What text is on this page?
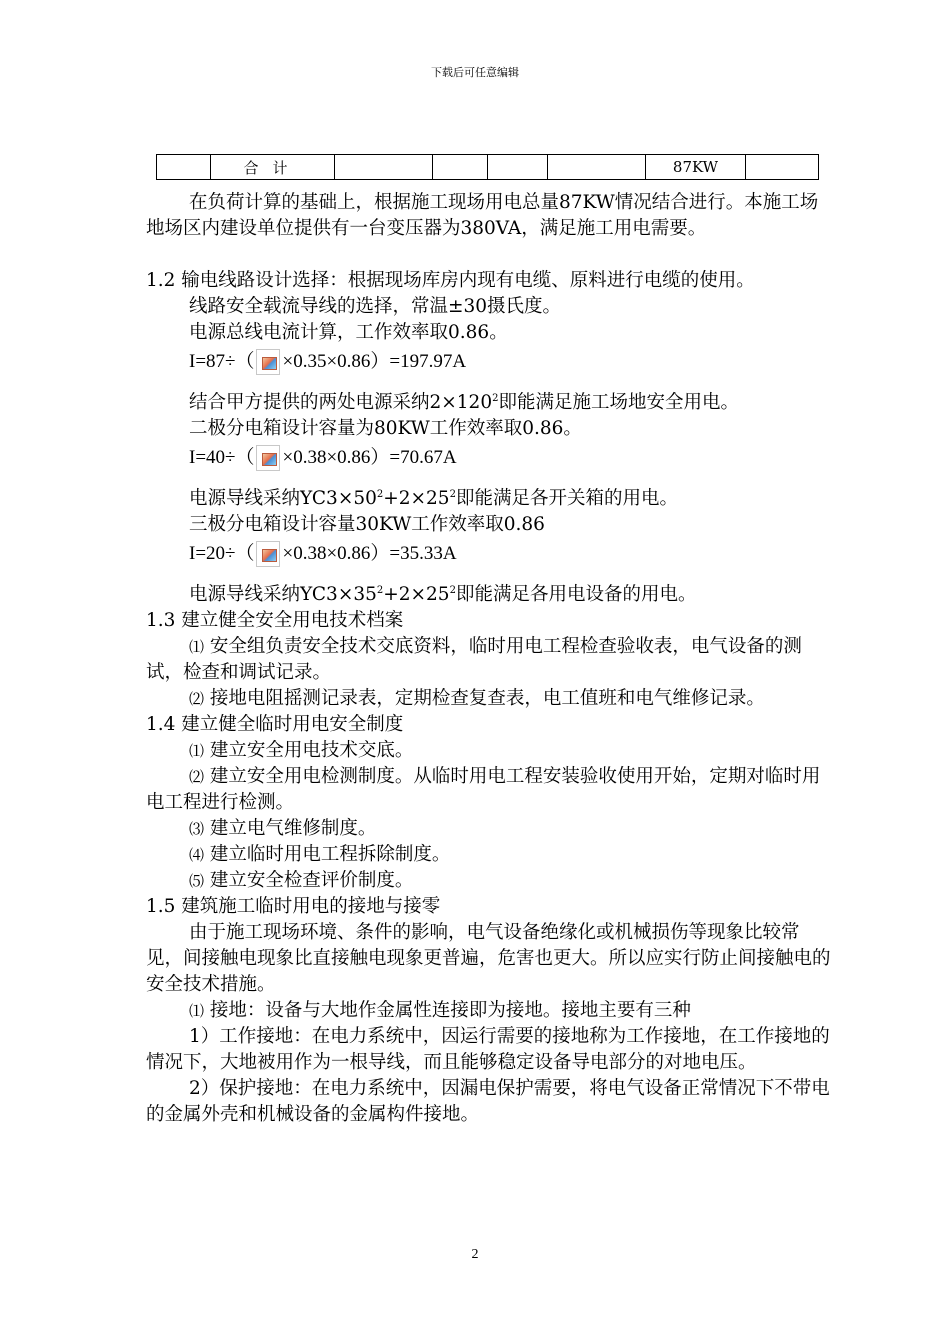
下载后可任意编辑
	合计					87KW	

在负荷计算的基础上，根据施工现场用电总量87KW情况结合进行。本施工场地场区内建设单位提供有一台变压器为380VA，满足施工用电需要。

1.2 输电线路设计选择：根据现场库房内现有电缆、原料进行电缆的使用。

线路安全载流导线的选择，常温±30摄氏度。

电源总线电流计算，工作效率取0.86。

I=87÷（ ×0.35×0.86）=197.97A

结合甲方提供的两处电源采纳$2\times 120^2$即能满足施工场地安全用电。

二极分电箱设计容量为80KW工作效率取0.86。

I=40÷（ ×0.38×0.86）=70.67A

电源导线采纳$YC3\times 50^2+2\times 25^2$即能满足各开关箱的用电。

三极分电箱设计容量30KW工作效率取0.86

I=20÷（ ×0.38×0.86）=35.33A

电源导线采纳$YC3\times 35^2+2\times 25^2$即能满足各用电设备的用电。

1.3 建立健全安全用电技术档案

⑴ 安全组负责安全技术交底资料，临时用电工程检查验收表，电气设备的测试，检查和调试记录。

⑵ 接地电阻摇测记录表，定期检查复查表，电工值班和电气维修记录。

1.4 建立健全临时用电安全制度

⑴ 建立安全用电技术交底。

⑵ 建立安全用电检测制度。从临时用电工程安装验收使用开始，定期对临时用电工程进行检测。

⑶ 建立电气维修制度。

⑷ 建立临时用电工程拆除制度。

⑸ 建立安全检查评价制度。

1.5 建筑施工临时用电的接地与接零

由于施工现场环境、条件的影响，电气设备绝缘化或机械损伤等现象比较常见，间接触电现象比直接触电现象更普遍，危害也更大。所以应实行防止间接触电的安全技术措施。

⑴ 接地：设备与大地作金属性连接即为接地。接地主要有三种

1）工作接地：在电力系统中，因运行需要的接地称为工作接地，在工作接地的情况下，大地被用作为一根导线，而且能够稳定设备导电部分的对地电压。

2）保护接地：在电力系统中，因漏电保护需要，将电气设备正常情况下不带电的金属外壳和机械设备的金属构件接地。

2
